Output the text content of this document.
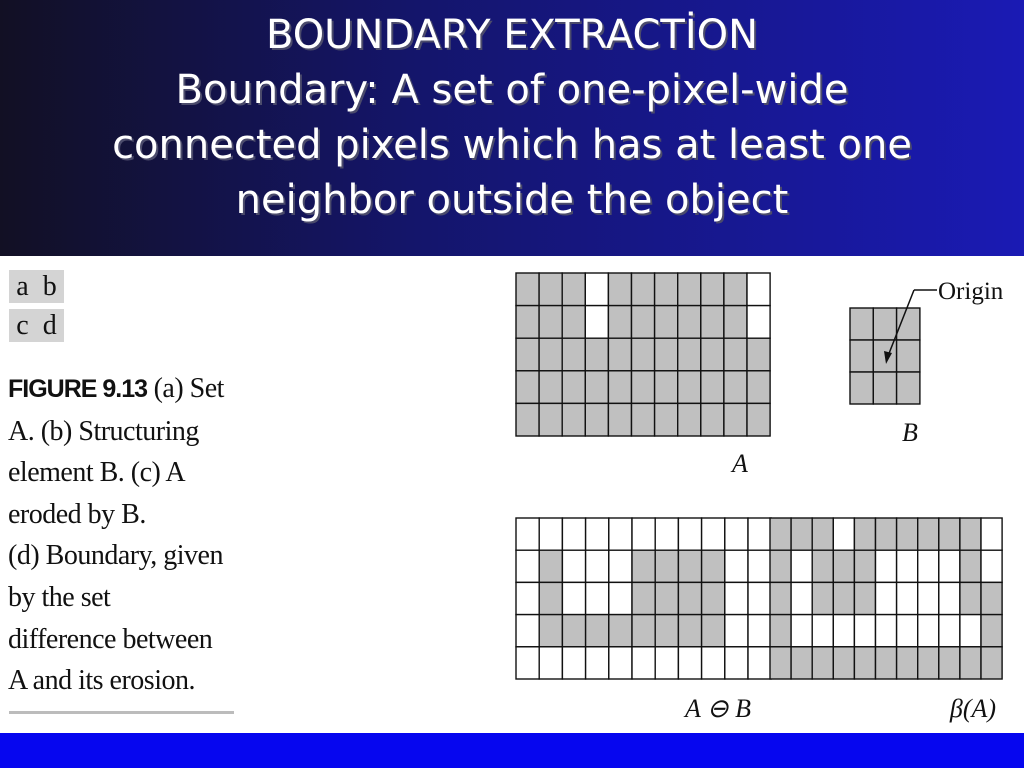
BOUNDARY EXTRACTİON
Boundary: A set of one-pixel-wide
connected pixels which has at least one
neighbor outside the object
a b
c d
FIGURE 9.13 (a) Set
A. (b) Structuring
element B. (c) A
eroded by B.
(d) Boundary, given
by the set
difference between
A and its erosion.
A
B
A ⊖ B	β(A)
Origin
